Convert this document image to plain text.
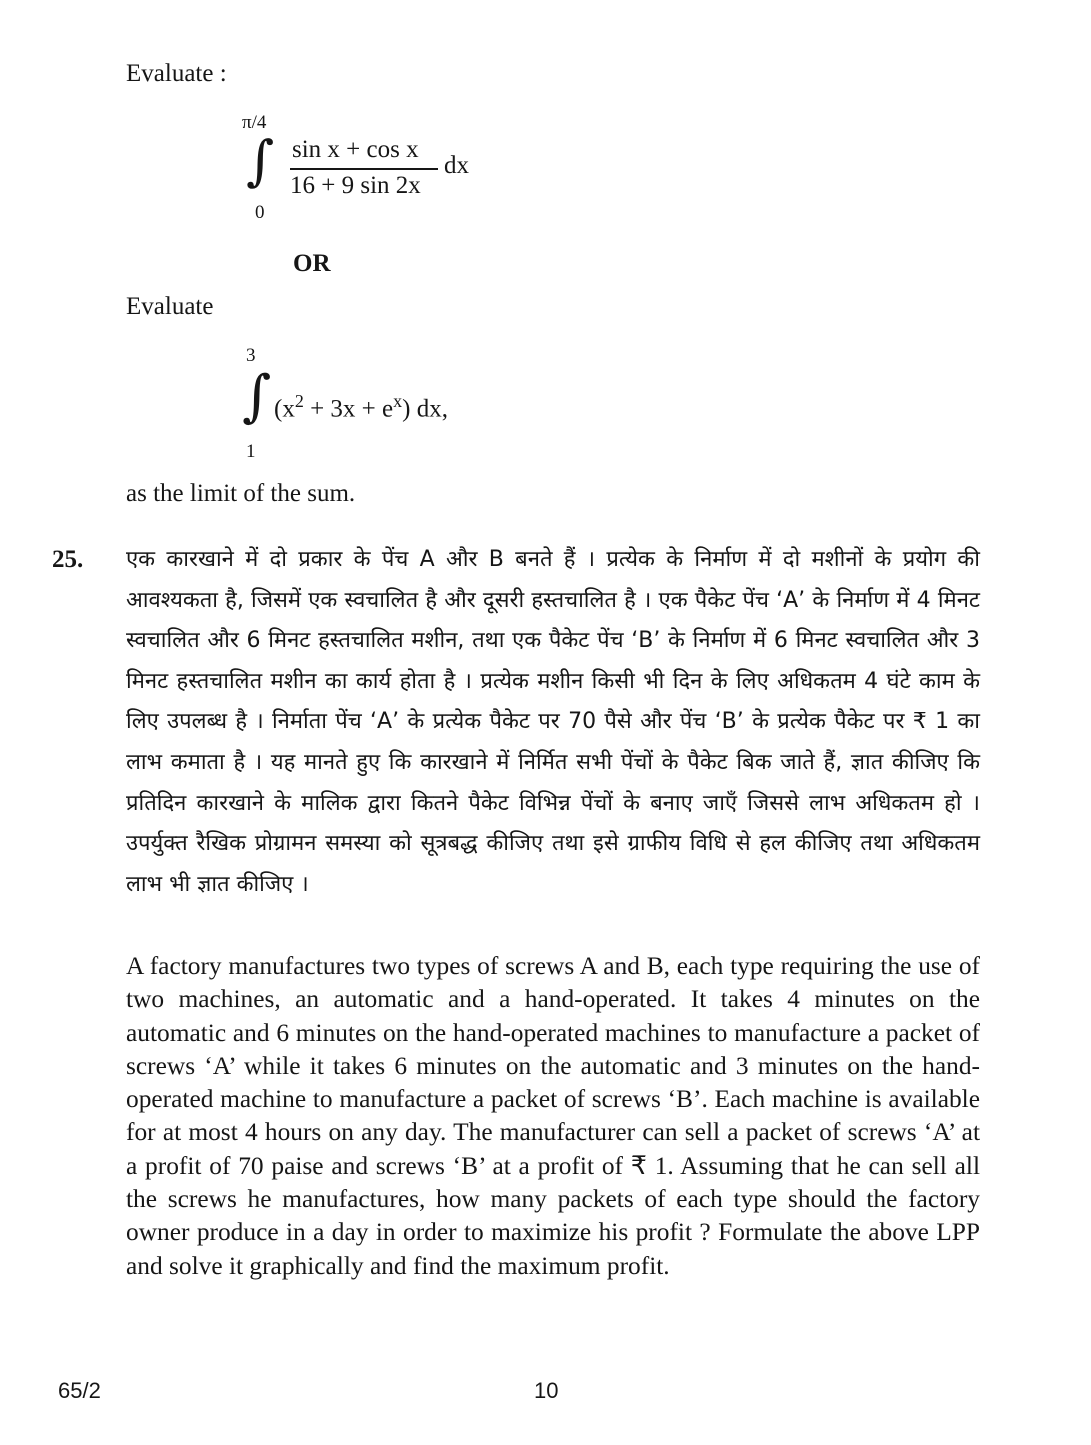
Evaluate :
π/4
∫
0
sin x + cos x
16 + 9 sin 2x
dx
OR
Evaluate
3
∫
1
$(x^2 + 3x + e^x)$ dx,
as the limit of the sum.
25. एक कारखाने में दो प्रकार के पेंच A और B बनते हैं । प्रत्येक के निर्माण में दो मशीनों के प्रयोग की आवश्यकता है, जिसमें एक स्वचालित है और दूसरी हस्तचालित है । एक पैकेट पेंच ‘A’ के निर्माण में 4 मिनट स्वचालित और 6 मिनट हस्तचालित मशीन, तथा एक पैकेट पेंच ‘B’ के निर्माण में 6 मिनट स्वचालित और 3 मिनट हस्तचालित मशीन का कार्य होता है । प्रत्येक मशीन किसी भी दिन के लिए अधिकतम 4 घंटे काम के लिए उपलब्ध है । निर्माता पेंच ‘A’ के प्रत्येक पैकेट पर 70 पैसे और पेंच ‘B’ के प्रत्येक पैकेट पर ₹ 1 का लाभ कमाता है । यह मानते हुए कि कारखाने में निर्मित सभी पेंचों के पैकेट बिक जाते हैं, ज्ञात कीजिए कि प्रतिदिन कारखाने के मालिक द्वारा कितने पैकेट विभिन्न पेंचों के बनाए जाएँ जिससे लाभ अधिकतम हो । उपर्युक्त रैखिक प्रोग्रामन समस्या को सूत्रबद्ध कीजिए तथा इसे ग्राफीय विधि से हल कीजिए तथा अधिकतम लाभ भी ज्ञात कीजिए ।
A factory manufactures two types of screws A and B, each type requiring the use of two machines, an automatic and a hand-operated. It takes 4 minutes on the automatic and 6 minutes on the hand-operated machines to manufacture a packet of screws ‘A’ while it takes 6 minutes on the automatic and 3 minutes on the hand-operated machine to manufacture a packet of screws ‘B’. Each machine is available for at most 4 hours on any day. The manufacturer can sell a packet of screws ‘A’ at a profit of 70 paise and screws ‘B’ at a profit of ₹ 1. Assuming that he can sell all the screws he manufactures, how many packets of each type should the factory owner produce in a day in order to maximize his profit ? Formulate the above LPP and solve it graphically and find the maximum profit.
65/2	10
